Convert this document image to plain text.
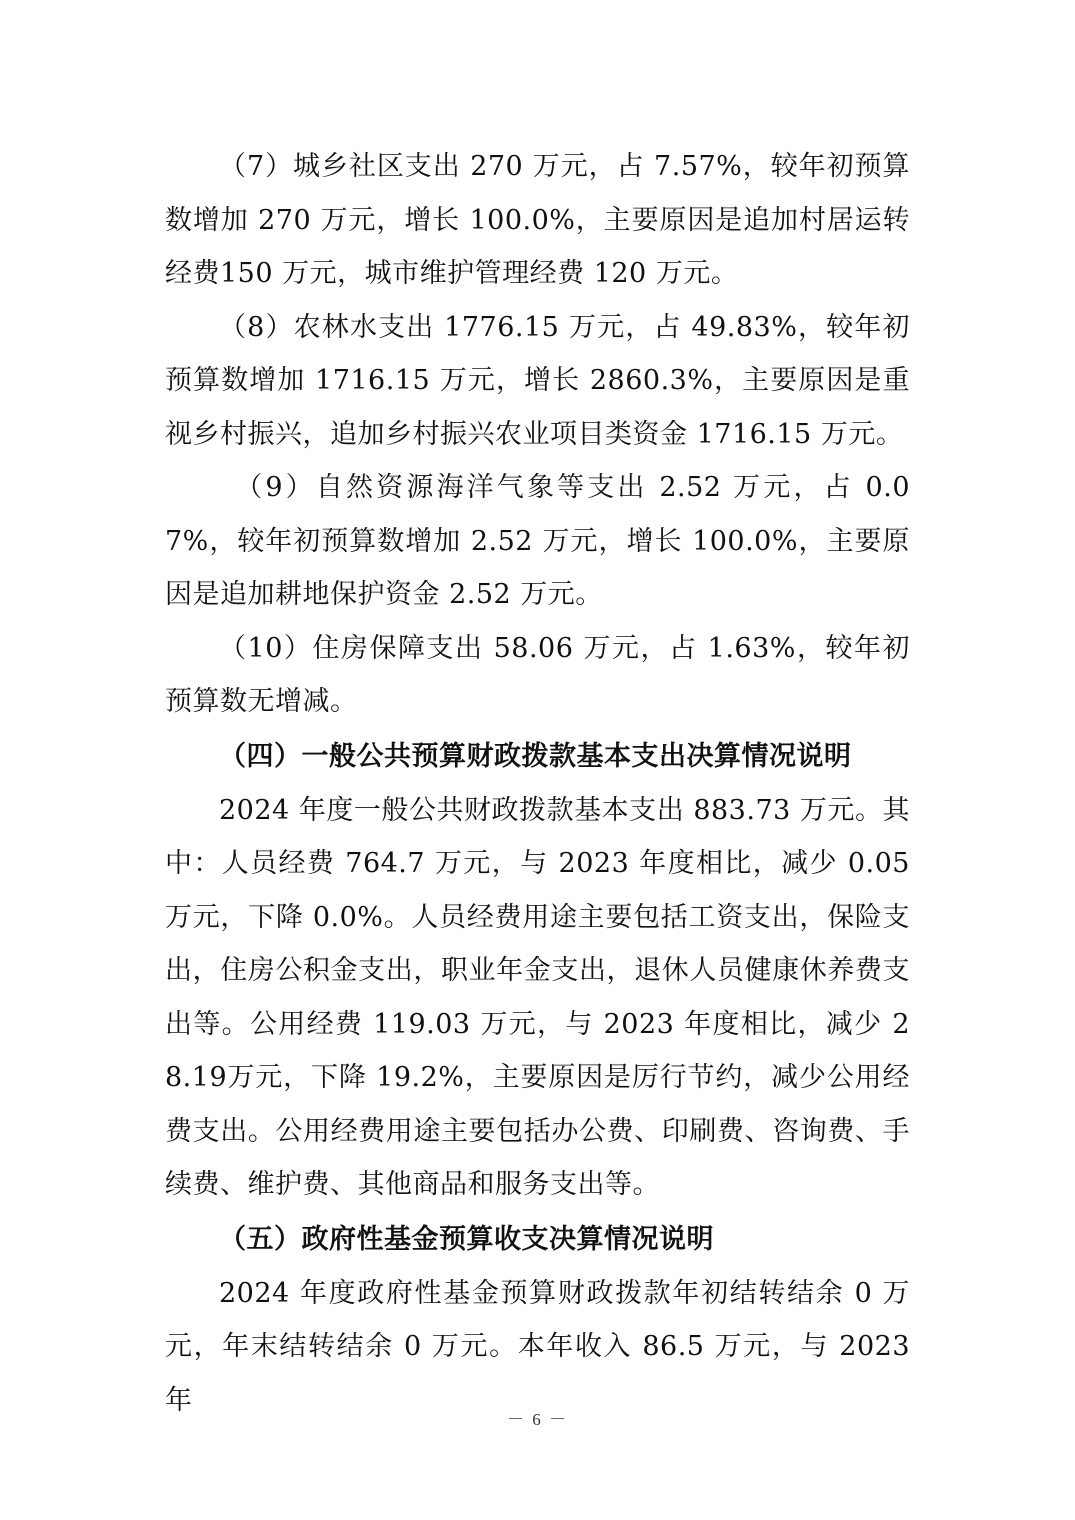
（7）城乡社区支出 270 万元，占 7.57%，较年初预算数增加 270 万元，增长 100.0%，主要原因是追加村居运转经费150 万元，城市维护管理经费 120 万元。

（8）农林水支出 1776.15 万元，占 49.83%，较年初预算数增加 1716.15 万元，增长 2860.3%，主要原因是重视乡村振兴，追加乡村振兴农业项目类资金 1716.15 万元。

（9）自然资源海洋气象等支出 2.52 万元，占 0.07%，较年初预算数增加 2.52 万元，增长 100.0%，主要原因是追加耕地保护资金 2.52 万元。

（10）住房保障支出 58.06 万元，占 1.63%，较年初预算数无增减。

（四）一般公共预算财政拨款基本支出决算情况说明

2024 年度一般公共财政拨款基本支出 883.73 万元。其中：人员经费 764.7 万元，与 2023 年度相比，减少 0.05 万元，下降 0.0%。人员经费用途主要包括工资支出，保险支出，住房公积金支出，职业年金支出，退休人员健康休养费支出等。公用经费 119.03 万元，与 2023 年度相比，减少 28.19万元，下降 19.2%，主要原因是厉行节约，减少公用经费支出。公用经费用途主要包括办公费、印刷费、咨询费、手续费、维护费、其他商品和服务支出等。

（五）政府性基金预算收支决算情况说明

2024 年度政府性基金预算财政拨款年初结转结余 0 万元，年末结转结余 0 万元。本年收入 86.5 万元，与 2023 年

－ 6 －
